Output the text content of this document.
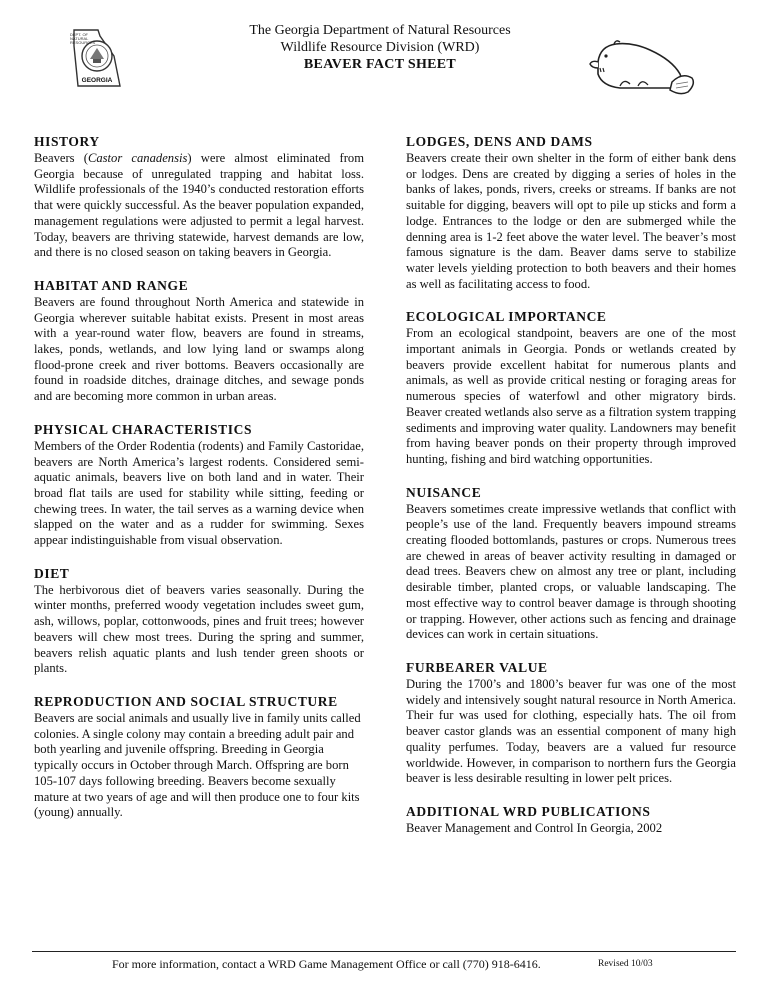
DEPT. OF
NATURAL
RESOURCES
GEORGIA
The Georgia Department of Natural Resources
Wildlife Resource Division (WRD)
BEAVER FACT SHEET
HISTORY

Beavers (Castor canadensis) were almost eliminated from Georgia because of unregulated trapping and habitat loss. Wildlife professionals of the 1940’s conducted restoration efforts that were quickly successful. As the beaver population expanded, management regulations were adjusted to permit a legal harvest. Today, beavers are thriving statewide, harvest demands are low, and there is no closed season on taking beavers in Georgia.

HABITAT AND RANGE

Beavers are found throughout North America and statewide in Georgia wherever suitable habitat exists. Present in most areas with a year-round water flow, beavers are found in streams, lakes, ponds, wetlands, and low lying land or swamps along flood-prone creek and river bottoms. Beavers occasionally are found in roadside ditches, drainage ditches, and sewage ponds and are becoming more common in urban areas.

PHYSICAL CHARACTERISTICS

Members of the Order Rodentia (rodents) and Family Castoridae, beavers are North America’s largest rodents. Considered semi-aquatic animals, beavers live on both land and in water. Their broad flat tails are used for stability while sitting, feeding or chewing trees. In water, the tail serves as a warning device when slapped on the water and as a rudder for swimming. Sexes appear indistinguishable from visual observation.

DIET

The herbivorous diet of beavers varies seasonally. During the winter months, preferred woody vegetation includes sweet gum, ash, willows, poplar, cottonwoods, pines and fruit trees; however beavers will chew most trees. During the spring and summer, beavers relish aquatic plants and lush tender green shoots or plants.

REPRODUCTION AND SOCIAL STRUCTURE

Beavers are social animals and usually live in family units called colonies. A single colony may contain a breeding adult pair and both yearling and juvenile offspring. Breeding in Georgia typically occurs in October through March. Offspring are born 105-107 days following breeding. Beavers become sexually mature at two years of age and will then produce one to four kits (young) annually.

LODGES, DENS AND DAMS

Beavers create their own shelter in the form of either bank dens or lodges. Dens are created by digging a series of holes in the banks of lakes, ponds, rivers, creeks or streams. If banks are not suitable for digging, beavers will opt to pile up sticks and form a lodge. Entrances to the lodge or den are submerged while the denning area is 1-2 feet above the water level. The beaver’s most famous signature is the dam. Beaver dams serve to stabilize water levels yielding protection to both beavers and their homes as well as facilitating access to food.

ECOLOGICAL IMPORTANCE

From an ecological standpoint, beavers are one of the most important animals in Georgia. Ponds or wetlands created by beavers provide excellent habitat for numerous plants and animals, as well as provide critical nesting or foraging areas for numerous species of waterfowl and other migratory birds. Beaver created wetlands also serve as a filtration system trapping sediments and improving water quality. Landowners may benefit from having beaver ponds on their property through improved hunting, fishing and bird watching opportunities.

NUISANCE

Beavers sometimes create impressive wetlands that conflict with people’s use of the land. Frequently beavers impound streams creating flooded bottomlands, pastures or crops. Numerous trees are chewed in areas of beaver activity resulting in damaged or dead trees. Beavers chew on almost any tree or plant, including desirable timber, planted crops, or valuable landscaping. The most effective way to control beaver damage is through shooting or trapping. However, other actions such as fencing and drainage devices can work in certain situations.

FURBEARER VALUE

During the 1700’s and 1800’s beaver fur was one of the most widely and intensively sought natural resource in North America. Their fur was used for clothing, especially hats. The oil from beaver castor glands was an essential component of many high quality perfumes. Today, beavers are a valued fur resource worldwide. However, in comparison to northern furs the Georgia beaver is less desirable resulting in lower pelt prices.

ADDITIONAL WRD PUBLICATIONS

Beaver Management and Control In Georgia, 2002

For more information, contact a WRD Game Management Office or call (770) 918-6416.	Revised 10/03
